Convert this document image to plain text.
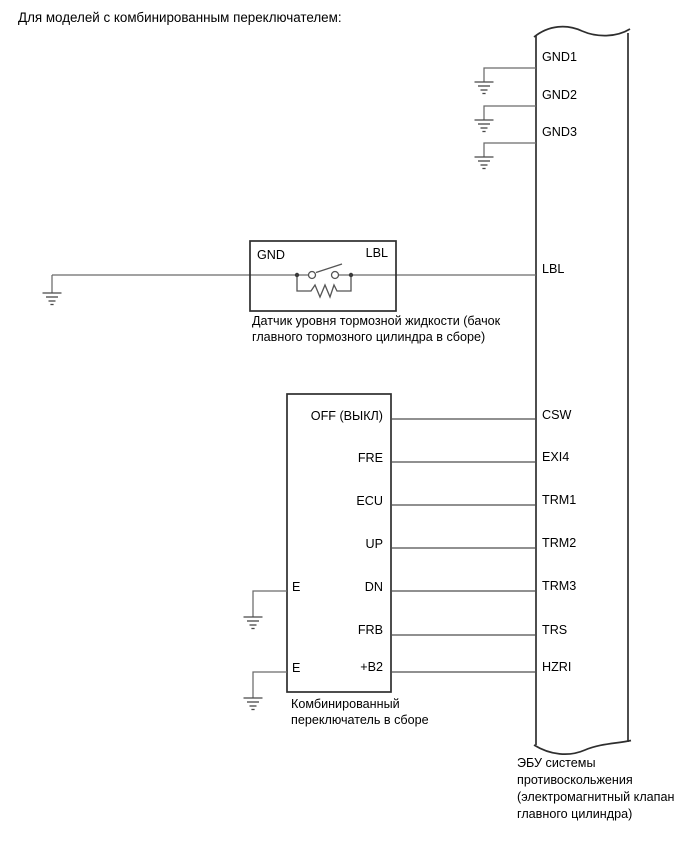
Для моделей с комбинированным переключателем:
GND1
GND2
GND3
LBL
CSW
EXI4
TRM1
TRM2
TRM3
TRS
HZRI
ЭБУ системы
противоскольжения
(электромагнитный клапан
главного цилиндра)
GND	LBL
Датчик уровня тормозной жидкости (бачок
главного тормозного цилиндра в сборе)
OFF (ВЫКЛ)
FRE
ECU
UP
DN
FRB
+B2
E
E
Комбинированный
переключатель в сборе
